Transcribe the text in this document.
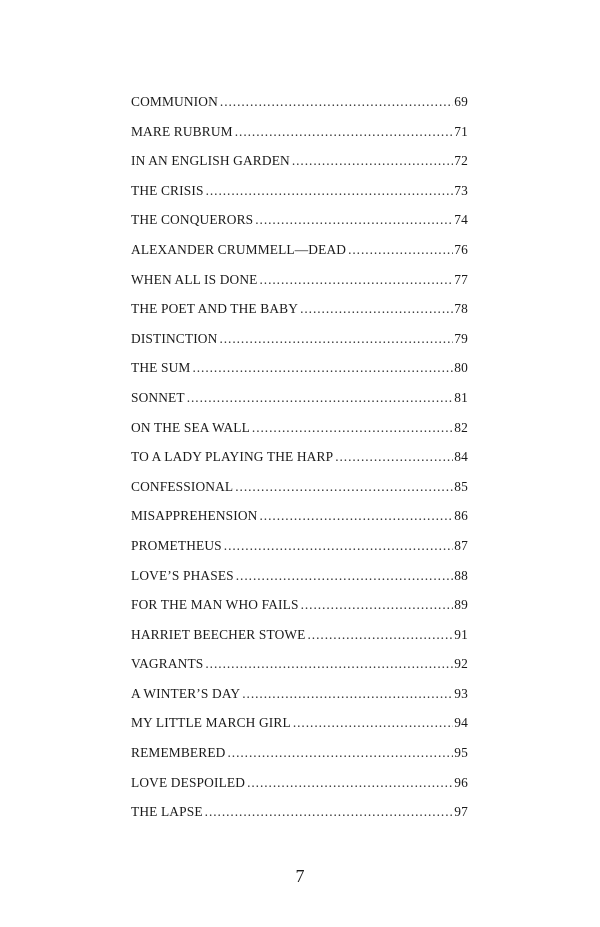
COMMUNION . . .	69
MARE RUBRUM . . .	71
IN AN ENGLISH GARDEN . . .	72
THE CRISIS . . .	73
THE CONQUERORS . . .	74
ALEXANDER CRUMMELL—DEAD . . .	76
WHEN ALL IS DONE . . .	77
THE POET AND THE BABY . . .	78
DISTINCTION . . .	79
THE SUM . . .	80
SONNET . . .	81
ON THE SEA WALL . . .	82
TO A LADY PLAYING THE HARP . . .	84
CONFESSIONAL . . .	85
MISAPPREHENSION . . .	86
PROMETHEUS . . .	87
LOVE’S PHASES . . .	88
FOR THE MAN WHO FAILS . . .	89
HARRIET BEECHER STOWE . . .	91
VAGRANTS . . .	92
A WINTER’S DAY . . .	93
MY LITTLE MARCH GIRL . . .	94
REMEMBERED . . .	95
LOVE DESPOILED . . .	96
THE LAPSE . . .	97
7
